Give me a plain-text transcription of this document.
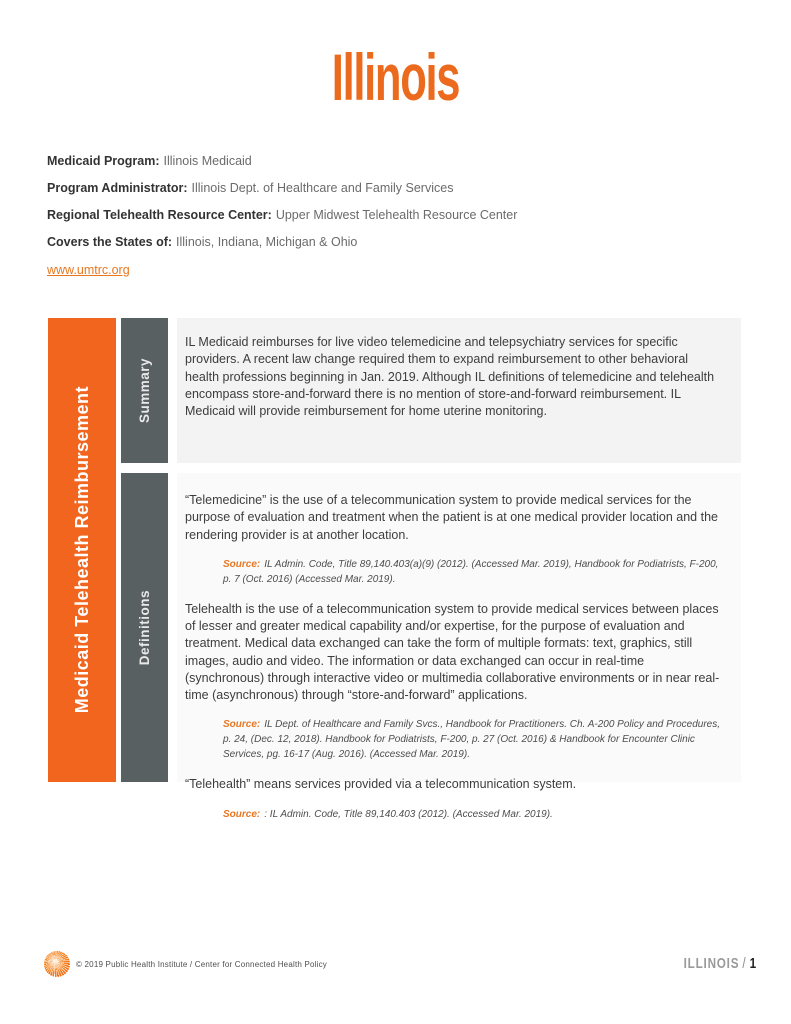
Illinois
Medicaid Program: Illinois Medicaid
Program Administrator: Illinois Dept. of Healthcare and Family Services
Regional Telehealth Resource Center: Upper Midwest Telehealth Resource Center
Covers the States of: Illinois, Indiana, Michigan & Ohio
www.umtrc.org
Medicaid Telehealth Reimbursement	Summary
Definitions

IL Medicaid reimburses for live video telemedicine and telepsychiatry services for specific providers. A recent law change required them to expand reimbursement to other behavioral health professions beginning in Jan. 2019. Although IL definitions of telemedicine and telehealth encompass store-and-forward there is no mention of store-and-forward reimbursement. IL Medicaid will provide reimbursement for home uterine monitoring.

“Telemedicine” is the use of a telecommunication system to provide medical services for the purpose of evaluation and treatment when the patient is at one medical provider location and the rendering provider is at another location.

Source: IL Admin. Code, Title 89,140.403(a)(9) (2012). (Accessed Mar. 2019), Handbook for Podiatrists, F-200, p. 7 (Oct. 2016) (Accessed Mar. 2019).

Telehealth is the use of a telecommunication system to provide medical services between places of lesser and greater medical capability and/or expertise, for the purpose of evaluation and treatment. Medical data exchanged can take the form of multiple formats: text, graphics, still images, audio and video. The information or data exchanged can occur in real-time (synchronous) through interactive video or multimedia collaborative environments or in near real-time (asynchronous) through “store-and-forward” applications.

Source: IL Dept. of Healthcare and Family Svcs., Handbook for Practitioners. Ch. A-200 Policy and Procedures, p. 24, (Dec. 12, 2018). Handbook for Podiatrists, F-200, p. 27 (Oct. 2016) & Handbook for Encounter Clinic Services, pg. 16-17 (Aug. 2016). (Accessed Mar. 2019).

“Telehealth” means services provided via a telecommunication system.

Source: : IL Admin. Code, Title 89,140.403 (2012). (Accessed Mar. 2019).

© 2019 Public Health Institute / Center for Connected Health Policy	ILLINOIS / 1
